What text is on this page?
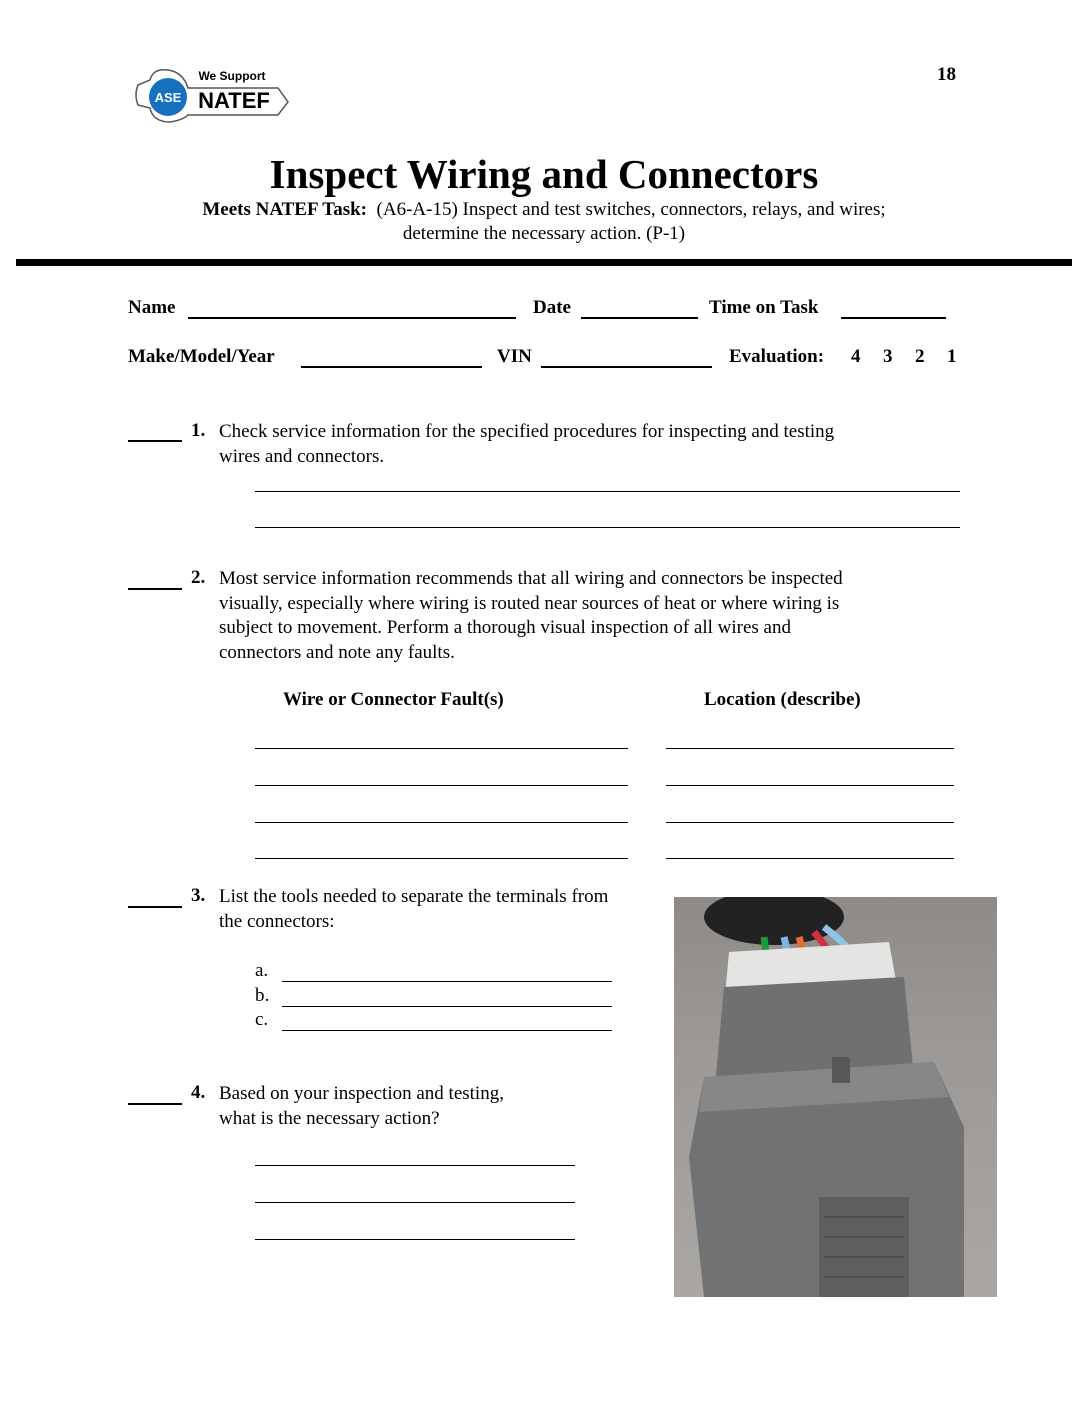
18
ASE
We Support
NATEF
Inspect Wiring and Connectors
Meets NATEF Task: (A6-A-15) Inspect and test switches, connectors, relays, and wires;
determine the necessary action. (P-1)
Name	Date	Time on Task
Make/Model/Year	VIN	Evaluation: 4 3 2 1
1. Check service information for the specified procedures for inspecting and testing
wires and connectors.
2. Most service information recommends that all wiring and connectors be inspected
visually, especially where wiring is routed near sources of heat or where wiring is
subject to movement. Perform a thorough visual inspection of all wires and
connectors and note any faults.
Wire or Connector Fault(s)	Location (describe)
3. List the tools needed to separate the terminals from
the connectors:
a.
b.
c.
4. Based on your inspection and testing,
what is the necessary action?
